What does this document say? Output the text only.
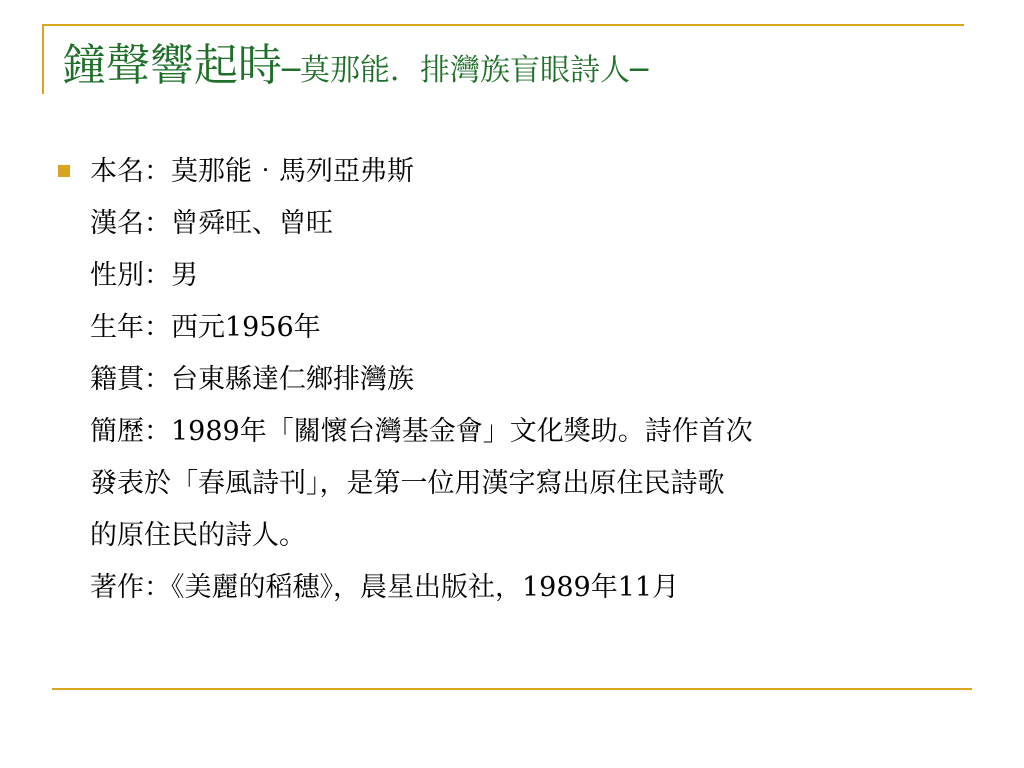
鐘聲響起時─莫那能．排灣族盲眼詩人─
本名：莫那能‧馬列亞弗斯
漢名：曾舜旺、曾旺
性別：男
生年：西元1956年
籍貫：台東縣達仁鄉排灣族
簡歷：1989年「關懷台灣基金會」文化獎助。詩作首次
發表於「春風詩刊」，是第一位用漢字寫出原住民詩歌
的原住民的詩人。
著作：《美麗的稻穗》，晨星出版社，1989年11月
